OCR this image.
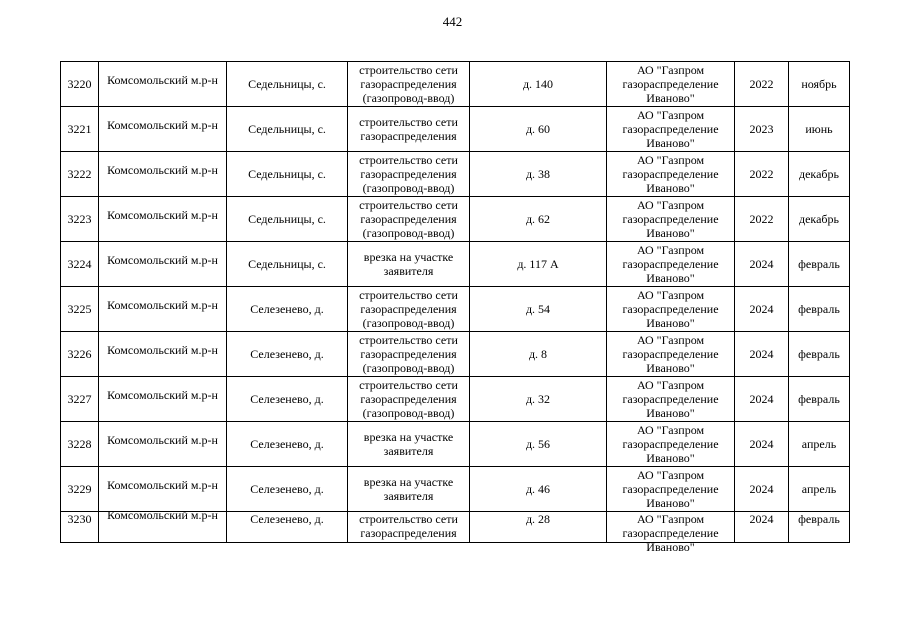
442
3220	Комсомольский м.р-н	Седельницы, с.	строительство сети газораспределения (газопровод-ввод)	д. 140	АО "Газпром газораспределение Иваново"	2022	ноябрь
3221	Комсомольский м.р-н	Седельницы, с.	строительство сети газораспределения	д. 60	АО "Газпром газораспределение Иваново"	2023	июнь
3222	Комсомольский м.р-н	Седельницы, с.	строительство сети газораспределения (газопровод-ввод)	д. 38	АО "Газпром газораспределение Иваново"	2022	декабрь
3223	Комсомольский м.р-н	Седельницы, с.	строительство сети газораспределения (газопровод-ввод)	д. 62	АО "Газпром газораспределение Иваново"	2022	декабрь
3224	Комсомольский м.р-н	Седельницы, с.	врезка на участке заявителя	д. 117 А	АО "Газпром газораспределение Иваново"	2024	февраль
3225	Комсомольский м.р-н	Селезенево, д.	строительство сети газораспределения (газопровод-ввод)	д. 54	АО "Газпром газораспределение Иваново"	2024	февраль
3226	Комсомольский м.р-н	Селезенево, д.	строительство сети газораспределения (газопровод-ввод)	д. 8	АО "Газпром газораспределение Иваново"	2024	февраль
3227	Комсомольский м.р-н	Селезенево, д.	строительство сети газораспределения (газопровод-ввод)	д. 32	АО "Газпром газораспределение Иваново"	2024	февраль
3228	Комсомольский м.р-н	Селезенево, д.	врезка на участке заявителя	д. 56	АО "Газпром газораспределение Иваново"	2024	апрель
3229	Комсомольский м.р-н	Селезенево, д.	врезка на участке заявителя	д. 46	АО "Газпром газораспределение Иваново"	2024	апрель

3230	Комсомольский м.р-н	Селезенево, д.	строительство сети газораспределения	д. 28	АО "Газпром газораспределение Иваново"	2024	февраль
